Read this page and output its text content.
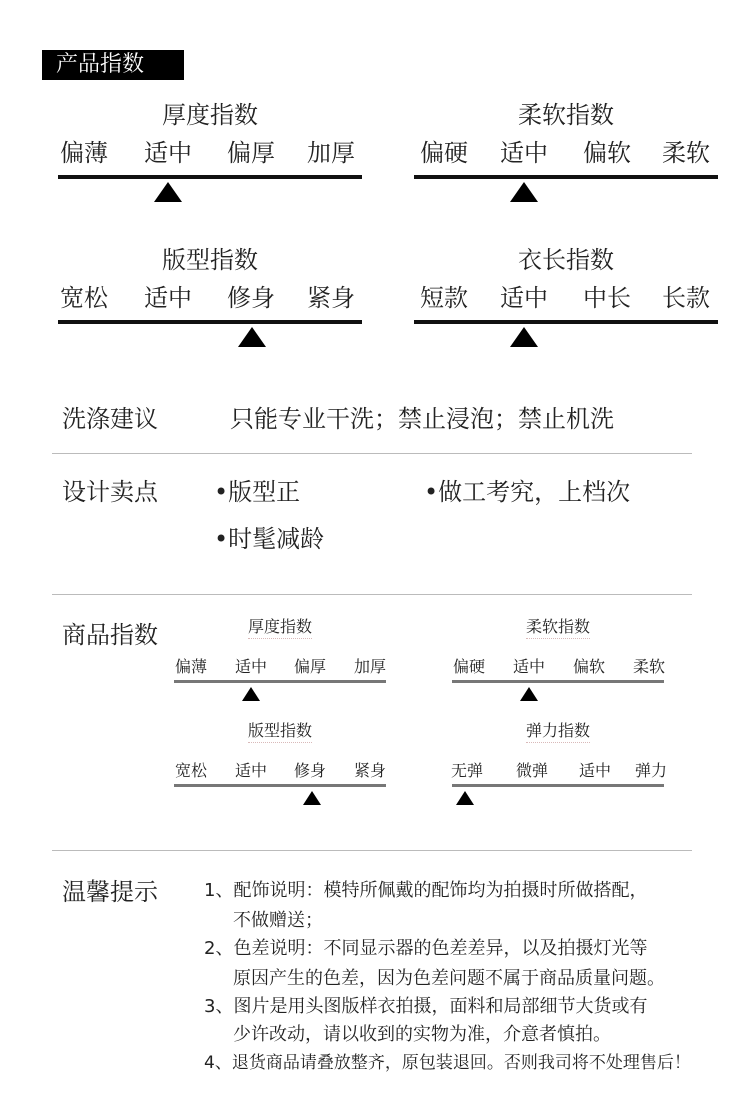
产品指数
厚度指数
偏薄	适中	偏厚	加厚
柔软指数
偏硬	适中	偏软	柔软
版型指数
宽松	适中	修身	紧身
衣长指数
短款	适中	中长	长款
洗涤建议	只能专业干洗；禁止浸泡；禁止机洗
设计卖点 •版型正	•做工考究，上档次
•时髦减龄
商品指数	厚度指数
偏薄	适中	偏厚	加厚
柔软指数
偏硬	适中	偏软	柔软
版型指数
宽松	适中	修身	紧身
弹力指数
无弹	微弹	适中	弹力
温馨提示	1、配饰说明：模特所佩戴的配饰均为拍摄时所做搭配，
不做赠送；
2、色差说明：不同显示器的色差差异，以及拍摄灯光等
原因产生的色差，因为色差问题不属于商品质量问题。
3、图片是用头图版样衣拍摄，面料和局部细节大货或有
少许改动，请以收到的实物为准，介意者慎拍。
4、退货商品请叠放整齐，原包装退回。否则我司将不处理售后！
